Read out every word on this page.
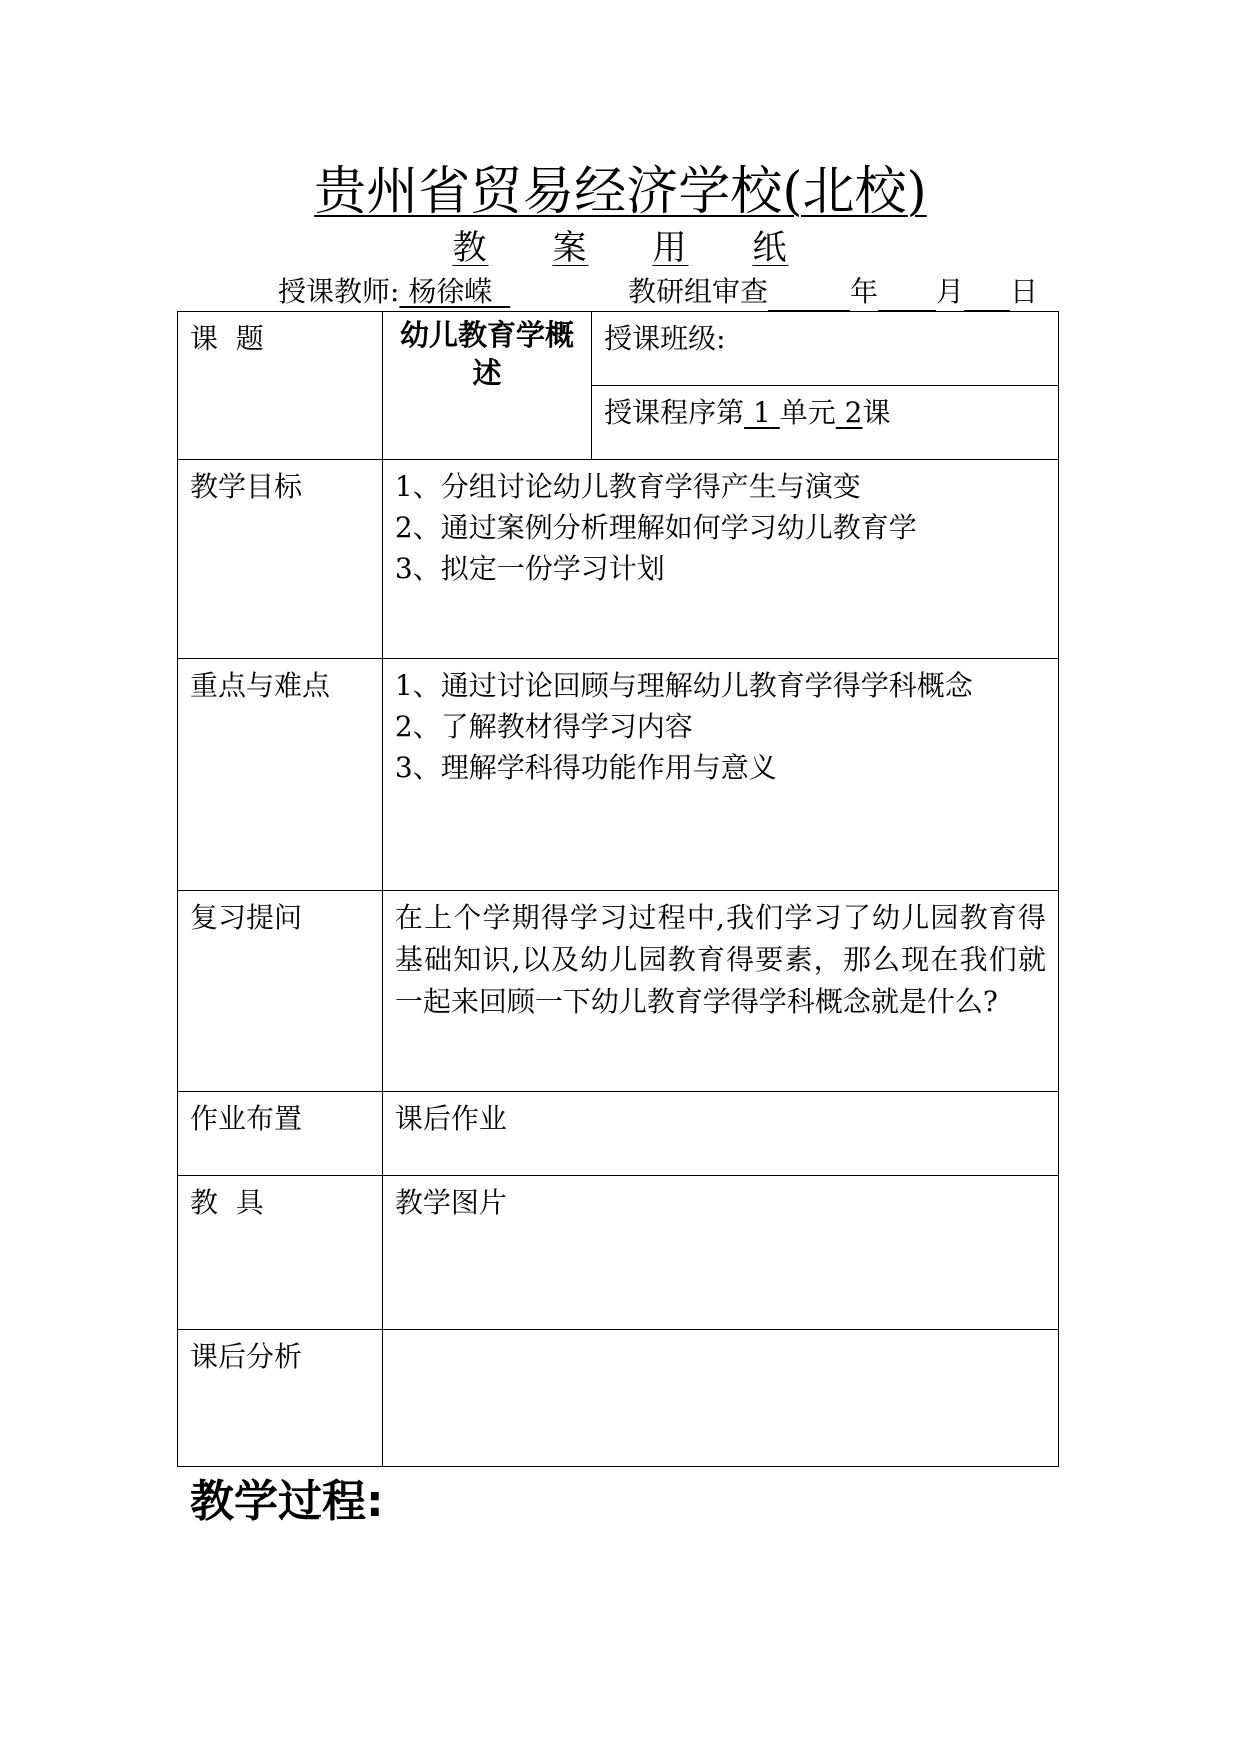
贵州省贸易经济学校(北校)
教 案 用 纸
授课教师: 杨徐嵘	教研组审查	年 月 日
课  题	幼儿教育学概述	授课班级:
		授课程序第 1 单元 2课
教学目标	1、分组讨论幼儿教育学得产生与演变
2、通过案例分析理解如何学习幼儿教育学
3、拟定一份学习计划	

重点与难点	1、通过讨论回顾与理解幼儿教育学得学科概念
2、了解教材得学习内容
3、理解学科得功能作用与意义	

复习提问	在上个学期得学习过程中,我们学习了幼儿园教育得基础知识,以及幼儿园教育得要素，那么现在我们就一起来回顾一下幼儿教育学得学科概念就是什么?	
作业布置	课后作业	
教  具	教学图片	
课后分析		
教学过程:
